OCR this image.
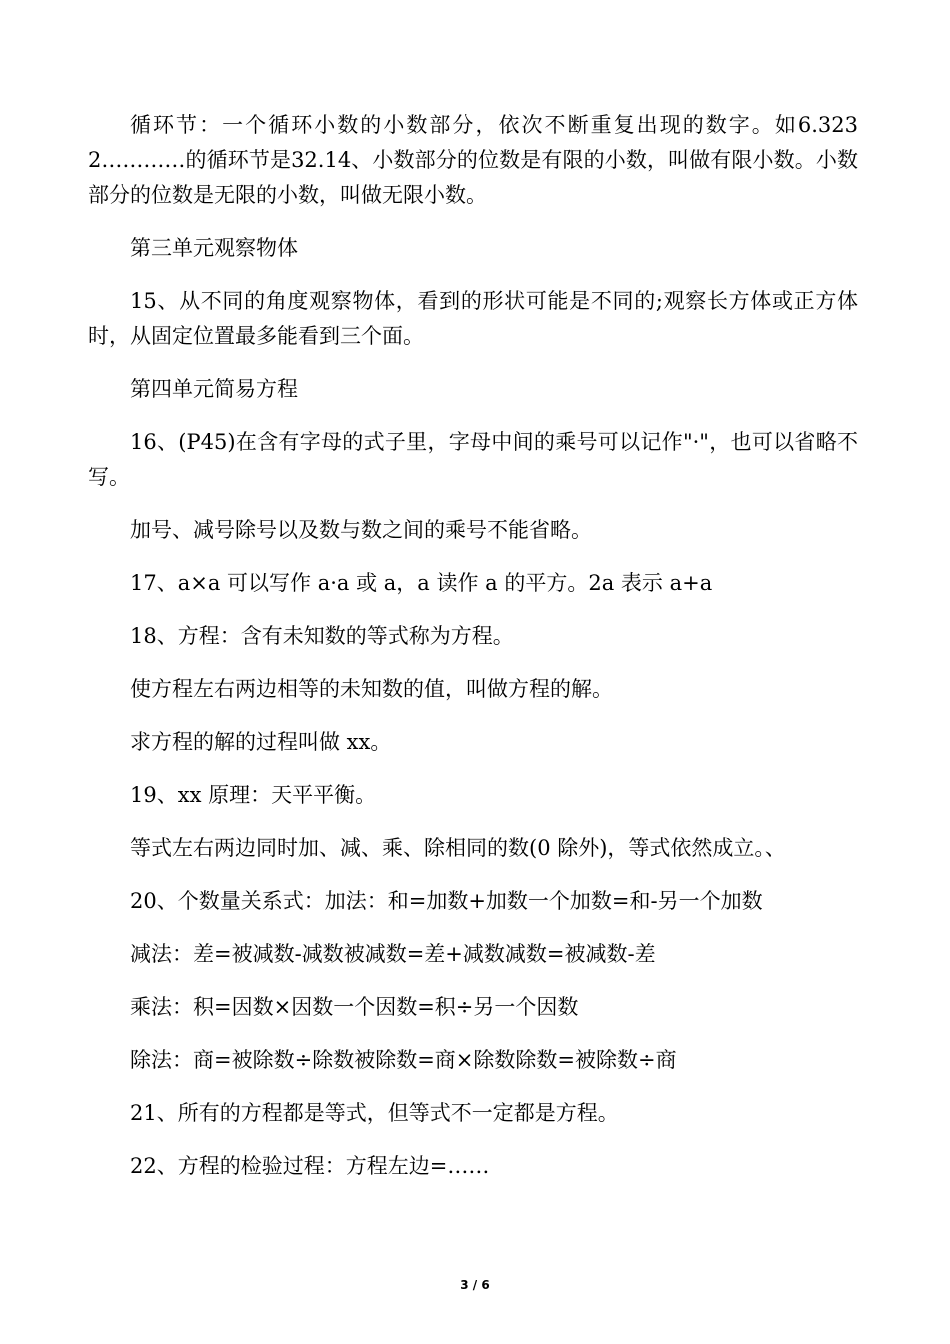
循环节：一个循环小数的小数部分，依次不断重复出现的数字。如6.3232…………的循环节是32.14、小数部分的位数是有限的小数，叫做有限小数。小数部分的位数是无限的小数，叫做无限小数。

第三单元观察物体

15、从不同的角度观察物体，看到的形状可能是不同的;观察长方体或正方体时，从固定位置最多能看到三个面。

第四单元简易方程

16、(P45)在含有字母的式子里，字母中间的乘号可以记作"·"，也可以省略不写。

加号、减号除号以及数与数之间的乘号不能省略。

17、a×a 可以写作 a·a 或 a，a 读作 a 的平方。2a 表示 a+a

18、方程：含有未知数的等式称为方程。

使方程左右两边相等的未知数的值，叫做方程的解。

求方程的解的过程叫做 xx。

19、xx 原理：天平平衡。

等式左右两边同时加、减、乘、除相同的数(0 除外)，等式依然成立。、

20、个数量关系式：加法：和=加数+加数一个加数=和-另一个加数

减法：差=被减数-减数被减数=差+减数减数=被减数-差

乘法：积=因数×因数一个因数=积÷另一个因数

除法：商=被除数÷除数被除数=商×除数除数=被除数÷商

21、所有的方程都是等式，但等式不一定都是方程。

22、方程的检验过程：方程左边=……

3 / 6
